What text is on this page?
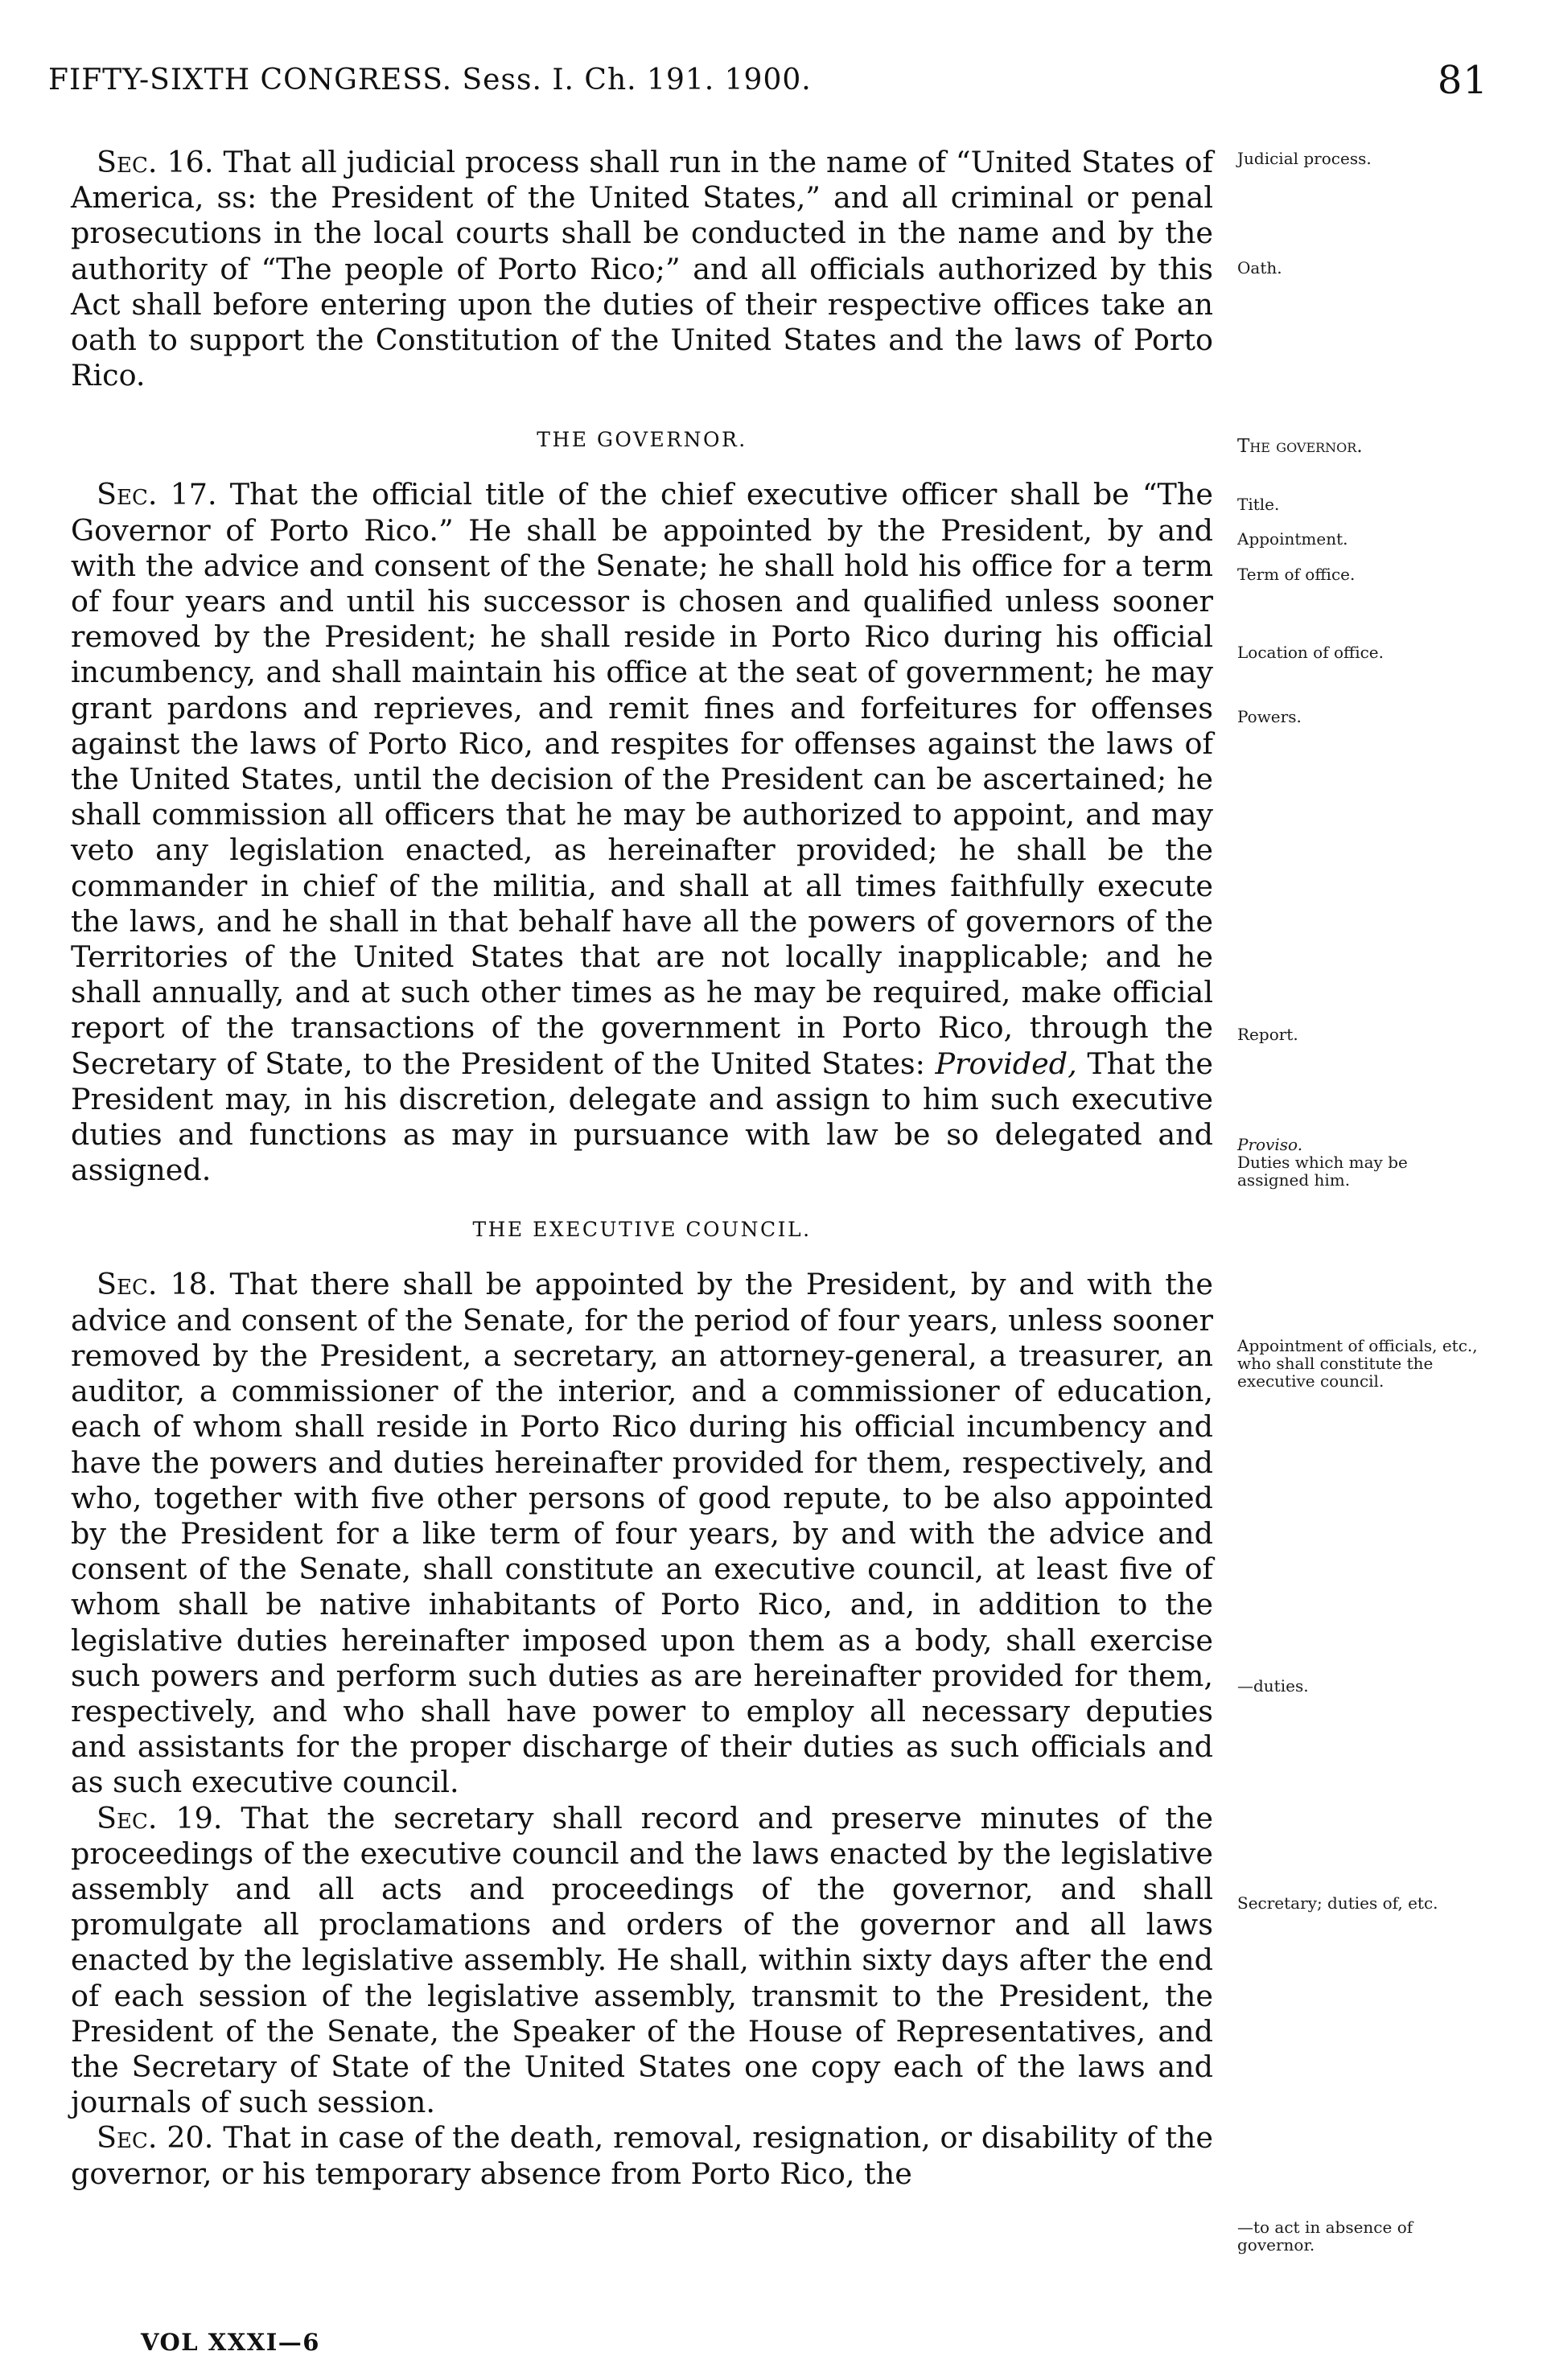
FIFTY-SIXTH CONGRESS. Sess. I. Ch. 191. 1900.	81

Sec. 16. That all judicial process shall run in the name of “United States of America, ss: the President of the United States,” and all criminal or penal prosecutions in the local courts shall be conducted in the name and by the authority of “The people of Porto Rico;” and all officials authorized by this Act shall before entering upon the duties of their respective offices take an oath to support the Constitution of the United States and the laws of Porto Rico.

THE GOVERNOR.

Sec. 17. That the official title of the chief executive officer shall be “The Governor of Porto Rico.” He shall be appointed by the President, by and with the advice and consent of the Senate; he shall hold his office for a term of four years and until his successor is chosen and qualified unless sooner removed by the President; he shall reside in Porto Rico during his official incumbency, and shall maintain his office at the seat of government; he may grant pardons and reprieves, and remit fines and forfeitures for offenses against the laws of Porto Rico, and respites for offenses against the laws of the United States, until the decision of the President can be ascertained; he shall commission all officers that he may be authorized to appoint, and may veto any legislation enacted, as hereinafter provided; he shall be the commander in chief of the militia, and shall at all times faithfully execute the laws, and he shall in that behalf have all the powers of governors of the Territories of the United States that are not locally inapplicable; and he shall annually, and at such other times as he may be required, make official report of the transactions of the government in Porto Rico, through the Secretary of State, to the President of the United States: Provided, That the President may, in his discretion, delegate and assign to him such executive duties and functions as may in pursuance with law be so delegated and assigned.

THE EXECUTIVE COUNCIL.

Sec. 18. That there shall be appointed by the President, by and with the advice and consent of the Senate, for the period of four years, unless sooner removed by the President, a secretary, an attorney-general, a treasurer, an auditor, a commissioner of the interior, and a commissioner of education, each of whom shall reside in Porto Rico during his official incumbency and have the powers and duties hereinafter provided for them, respectively, and who, together with five other persons of good repute, to be also appointed by the President for a like term of four years, by and with the advice and consent of the Senate, shall constitute an executive council, at least five of whom shall be native inhabitants of Porto Rico, and, in addition to the legislative duties hereinafter imposed upon them as a body, shall exercise such powers and perform such duties as are hereinafter provided for them, respectively, and who shall have power to employ all necessary deputies and assistants for the proper discharge of their duties as such officials and as such executive council.

Sec. 19. That the secretary shall record and preserve minutes of the proceedings of the executive council and the laws enacted by the legislative assembly and all acts and proceedings of the governor, and shall promulgate all proclamations and orders of the governor and all laws enacted by the legislative assembly. He shall, within sixty days after the end of each session of the legislative assembly, transmit to the President, the President of the Senate, the Speaker of the House of Representatives, and the Secretary of State of the United States one copy each of the laws and journals of such session.

Sec. 20. That in case of the death, removal, resignation, or disability of the governor, or his temporary absence from Porto Rico, the

Judicial process.
Oath.
The governor.
Title.
Appointment.
Term of office.
Location of office.
Powers.
Report.
Proviso.
Duties which may be assigned him.
Appointment of officials, etc., who shall constitute the executive council.
—duties.
Secretary; duties of, etc.
—to act in absence of governor.
VOL XXXI—6
